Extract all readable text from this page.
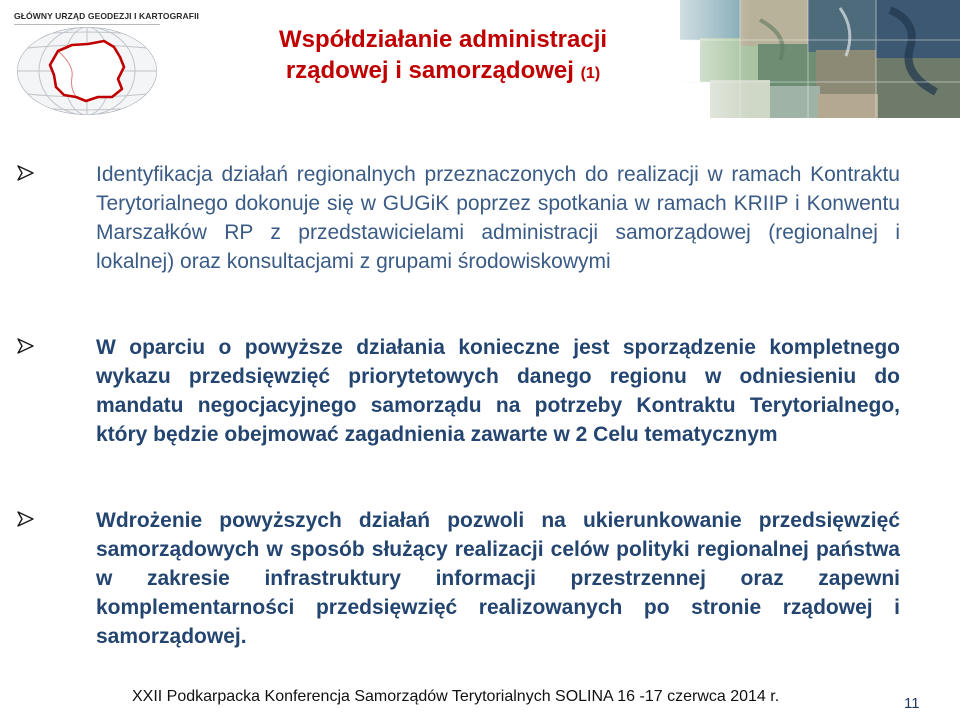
GŁÓWNY URZĄD GEODEZJI I KARTOGRAFII
Współdziałanie administracji
rządowej i samorządowej (1)

Identyfikacja działań regionalnych przeznaczonych do realizacji w ramach Kontraktu Terytorialnego dokonuje się w GUGiK poprzez spotkania w ramach KRIIP i Konwentu Marszałków RP z przedstawicielami administracji samorządowej (regionalnej i lokalnej) oraz konsultacjami z grupami środowiskowymi

W oparciu o powyższe działania konieczne jest sporządzenie kompletnego wykazu przedsięwzięć priorytetowych danego regionu w odniesieniu do mandatu negocjacyjnego samorządu na potrzeby Kontraktu Terytorialnego, który będzie obejmować zagadnienia zawarte w 2 Celu tematycznym

Wdrożenie powyższych działań pozwoli na ukierunkowanie przedsięwzięć samorządowych w sposób służący realizacji celów polityki regionalnej państwa w zakresie infrastruktury informacji przestrzennej oraz zapewni komplementarności przedsięwzięć realizowanych po stronie rządowej i samorządowej.

XXII Podkarpacka Konferencja Samorządów Terytorialnych SOLINA 16 -17 czerwca 2014 r.	11
